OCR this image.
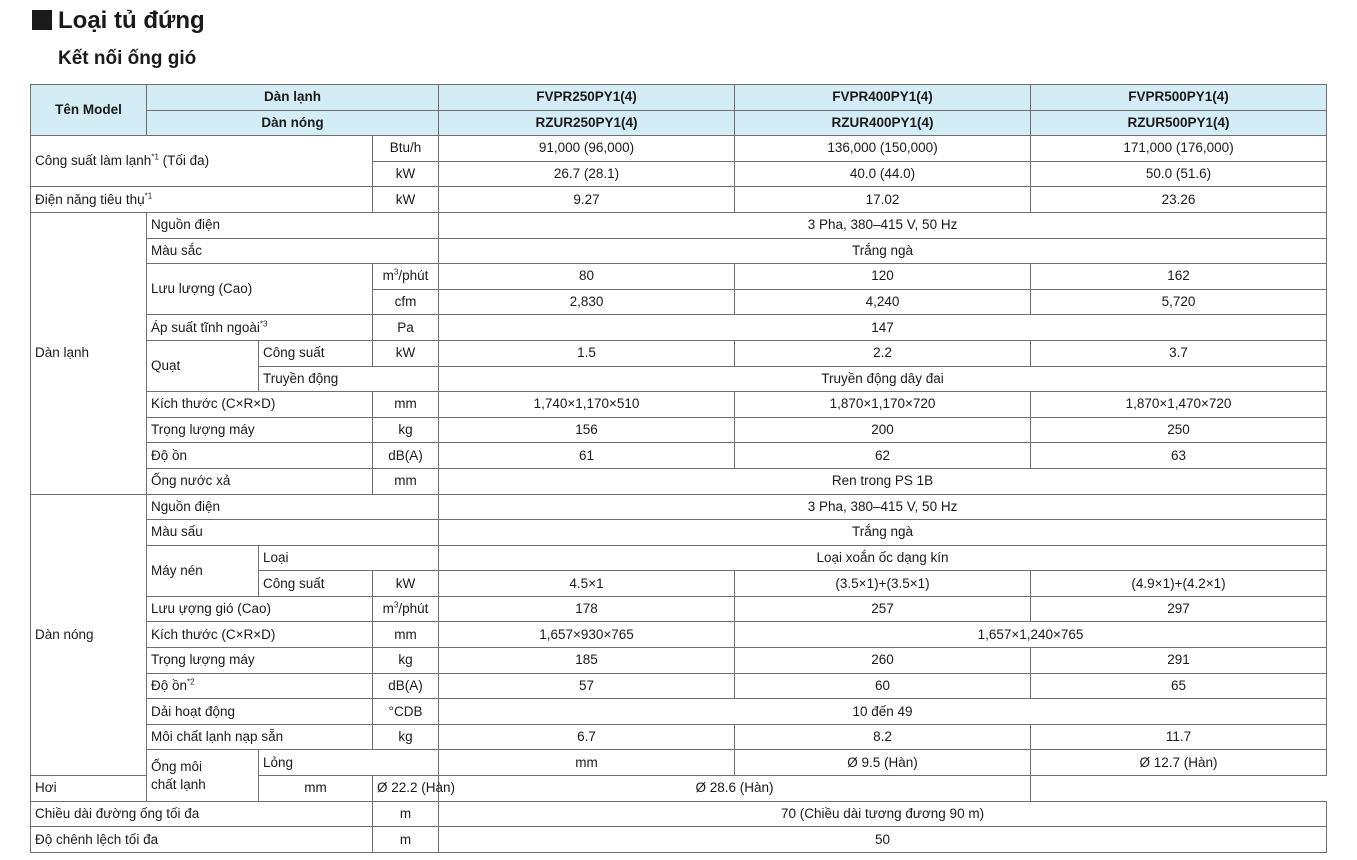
Loại tủ đứng
Kết nối ống gió
Tên Model	Dàn lạnh			FVPR250PY1(4)	FVPR400PY1(4)	FVPR500PY1(4)	
	Dàn nóng			RZUR250PY1(4)	RZUR400PY1(4)	RZUR500PY1(4)	
Công suất làm lạnh$^{*1}$ (Tối đa)			Btu/h	91,000 (96,000)	136,000 (150,000)	171,000 (176,000)	
			kW	26.7 (28.1)	40.0 (44.0)	50.0 (51.6)	
Điện năng tiêu thụ$^{*1}$			kW	9.27	17.02	23.26	
Dàn lạnh	Nguồn điện			3 Pha, 380–415 V, 50 Hz			
	Màu sắc			Trắng ngà			
	Lưu lượng (Cao)		$m^3$/phút	80	120	162	
			cfm	2,830	4,240	5,720	
	Áp suất tĩnh ngoài$^{*3}$		Pa	147			
	Quạt	Công suất	kW	1.5	2.2	3.7	
		Truyền động		Truyền động dây đai			
	Kích thước (C×R×D)		mm	1,740×1,170×510	1,870×1,170×720	1,870×1,470×720	
	Trọng lượng máy		kg	156	200	250	
	Độ ồn		dB(A)	61	62	63	
	Ống nước xả		mm	Ren trong PS 1B			
Dàn nóng	Nguồn điện			3 Pha, 380–415 V, 50 Hz			
	Màu sấu			Trắng ngà			
	Máy nén	Loại		Loại xoắn ốc dạng kín			
		Công suất	kW	4.5×1	(3.5×1)+(3.5×1)	(4.9×1)+(4.2×1)	
	Lưu ựợng gió (Cao)		$m^3$/phút	178	257	297	
	Kích thước (C×R×D)		mm	1,657×930×765	1,657×1,240×765		
	Trọng lượng máy		kg	185	260	291	
	Độ ồn$^{*2}$		dB(A)	57	60	65	
	Dải hoạt động		°CDB	10 đến 49			
	Môi chất lạnh nạp sẵn		kg	6.7	8.2	11.7	
	Ống môi
chất lạnh	Lỏng		mm	Ø 9.5 (Hàn)	Ø 12.7 (Hàn)	
Hơi		mm	Ø 22.2 (Hàn)	Ø 28.6 (Hàn)			
Chiều dài đường ống tối đa			m	70 (Chiều dài tương đương 90 m)			
Độ chênh lệch tối đa			m	50			
